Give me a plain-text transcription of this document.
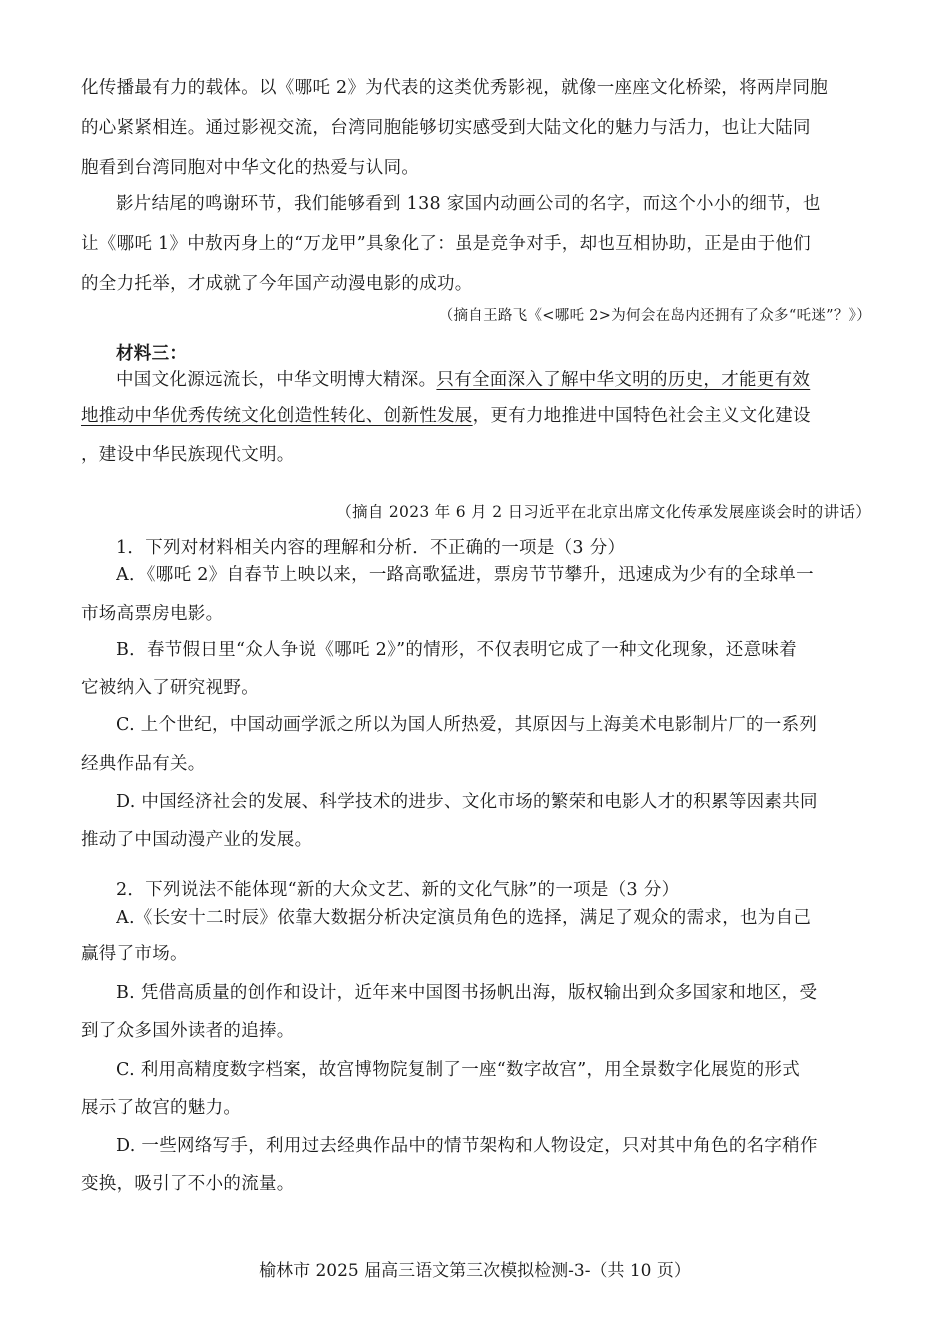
化传播最有力的载体。以《哪吒 2》为代表的这类优秀影视，就像一座座文化桥梁，将两岸同胞

的心紧紧相连。通过影视交流，台湾同胞能够切实感受到大陆文化的魅力与活力，也让大陆同

胞看到台湾同胞对中华文化的热爱与认同。

影片结尾的鸣谢环节，我们能够看到 138 家国内动画公司的名字，而这个小小的细节，也

让《哪吒 1》中敖丙身上的“万龙甲”具象化了：虽是竞争对手，却也互相协助，正是由于他们

的全力托举，才成就了今年国产动漫电影的成功。

（摘自王路飞《<哪吒 2>为何会在岛内还拥有了众多“吒迷”？》）

材料三：

中国文化源远流长，中华文明博大精深。只有全面深入了解中华文明的历史，才能更有效

地推动中华优秀传统文化创造性转化、创新性发展，更有力地推进中国特色社会主义文化建设

，建设中华民族现代文明。

（摘自 2023 年 6 月 2 日习近平在北京出席文化传承发展座谈会时的讲话）

1．下列对材料相关内容的理解和分析．不正确的一项是（3 分）

A．《哪吒 2》自春节上映以来，一路高歌猛进，票房节节攀升，迅速成为少有的全球单一

市场高票房电影。

B．春节假日里“众人争说《哪吒 2》”的情形，不仅表明它成了一种文化现象，还意味着

它被纳入了研究视野。

C. 上个世纪，中国动画学派之所以为国人所热爱，其原因与上海美术电影制片厂的一系列

经典作品有关。

D. 中国经济社会的发展、科学技术的进步、文化市场的繁荣和电影人才的积累等因素共同

推动了中国动漫产业的发展。

2．下列说法不能体现“新的大众文艺、新的文化气脉”的一项是（3 分）

A.《长安十二时辰》依靠大数据分析决定演员角色的选择，满足了观众的需求，也为自己

赢得了市场。

B. 凭借高质量的创作和设计，近年来中国图书扬帆出海，版权输出到众多国家和地区，受

到了众多国外读者的追捧。

C. 利用高精度数字档案，故宫博物院复制了一座“数字故宫”，用全景数字化展览的形式

展示了故宫的魅力。

D. 一些网络写手，利用过去经典作品中的情节架构和人物设定，只对其中角色的名字稍作

变换，吸引了不小的流量。

榆林市 2025 届高三语文第三次模拟检测-3-（共 10 页）
